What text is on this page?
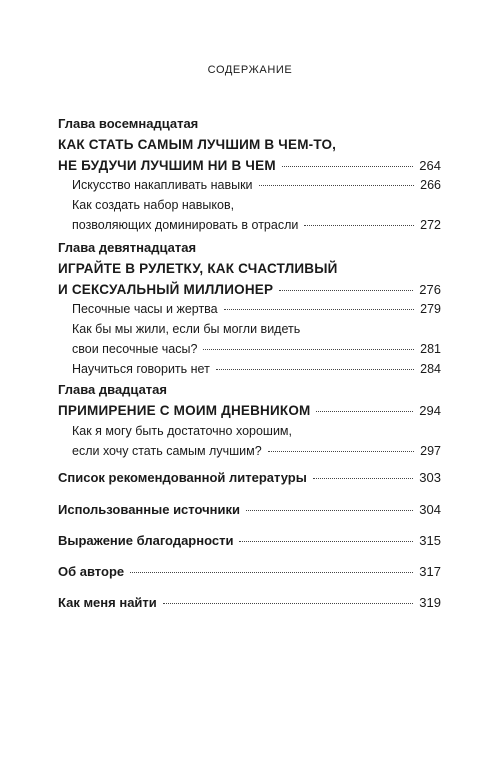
СОДЕРЖАНИЕ
Глава восемнадцатая
КАК СТАТЬ САМЫМ ЛУЧШИМ В ЧЕМ-ТО,
НЕ БУДУЧИ ЛУЧШИМ НИ В ЧЕМ	264
Искусство накапливать навыки	266
Как создать набор навыков,
позволяющих доминировать в отрасли	272
Глава девятнадцатая
ИГРАЙТЕ В РУЛЕТКУ, КАК СЧАСТЛИВЫЙ
И СЕКСУАЛЬНЫЙ МИЛЛИОНЕР	276
Песочные часы и жертва	279
Как бы мы жили, если бы могли видеть
свои песочные часы?	281
Научиться говорить нет	284
Глава двадцатая
ПРИМИРЕНИЕ С МОИМ ДНЕВНИКОМ	294
Как я могу быть достаточно хорошим,
если хочу стать самым лучшим?	297
Список рекомендованной литературы	303
Использованные источники	304
Выражение благодарности	315
Об авторе	317
Как меня найти	319
